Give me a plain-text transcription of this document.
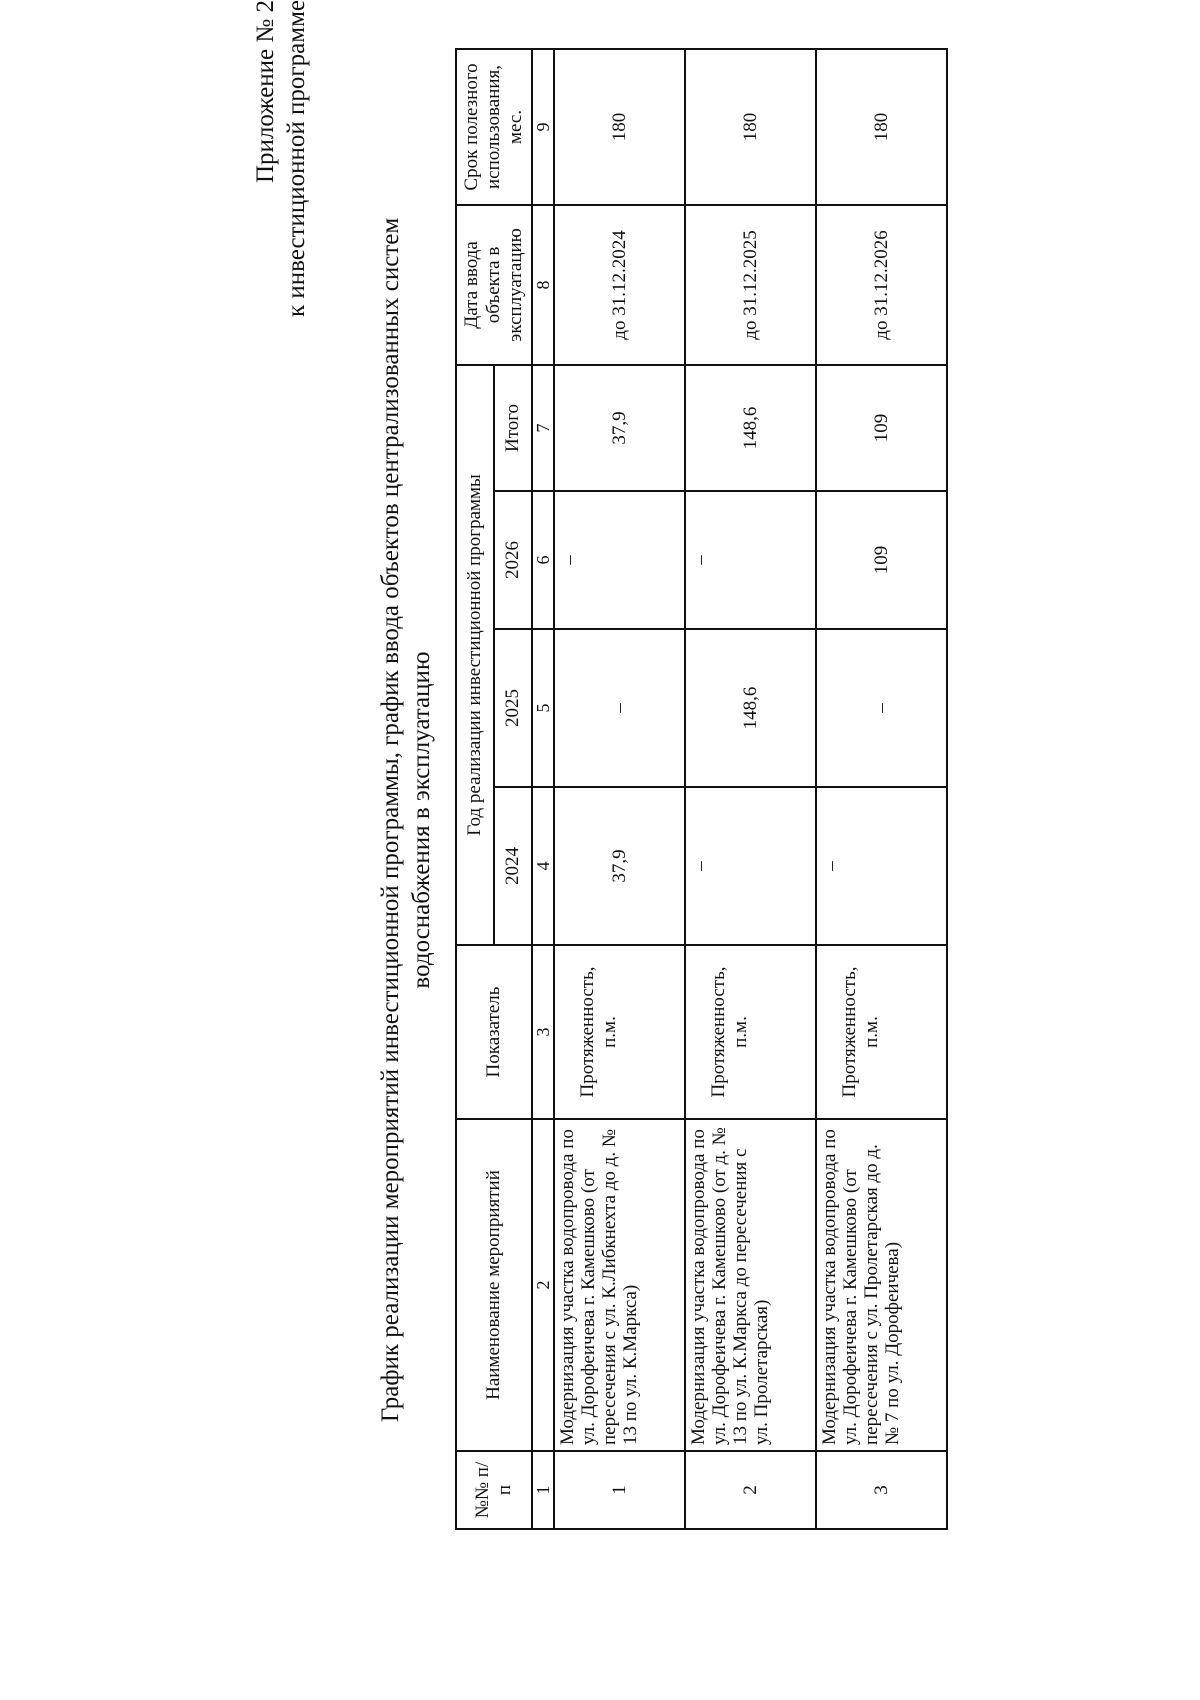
Приложение № 2 к инвестиционной программе
График реализации мероприятий инвестиционной программы, график ввода объектов централизованных систем водоснабжения в эксплуатацию
№№ п/п	Наименование мероприятий	Показатель	Год реализации инвестиционной программы				Дата ввода объекта в эксплуатацию	Срок полезного использования, мес.
			2024	2025	2026	Итого		
1	2	3	4	5	6	7	8	9
1	Модернизация участка водопровода по ул. Дорофеичева г. Камешково (от пересечения с ул. К.Либкнехта до д. № 13 по ул. К.Маркса)	Протяженность, п.м.	37,9	–	–	37,9	до 31.12.2024	180
2	Модернизация участка водопровода по ул. Дорофеичева г. Камешково (от д. № 13 по ул. К.Маркса до пересечения с ул. Пролетарская)	Протяженность, п.м.	–	148,6	–	148,6	до 31.12.2025	180
3	Модернизация участка водопровода по ул. Дорофеичева г. Камешково (от пересечения с ул. Пролетарская до д. № 7 по ул. Дорофеичева)	Протяженность, п.м.	–	–	109	109	до 31.12.2026	180
